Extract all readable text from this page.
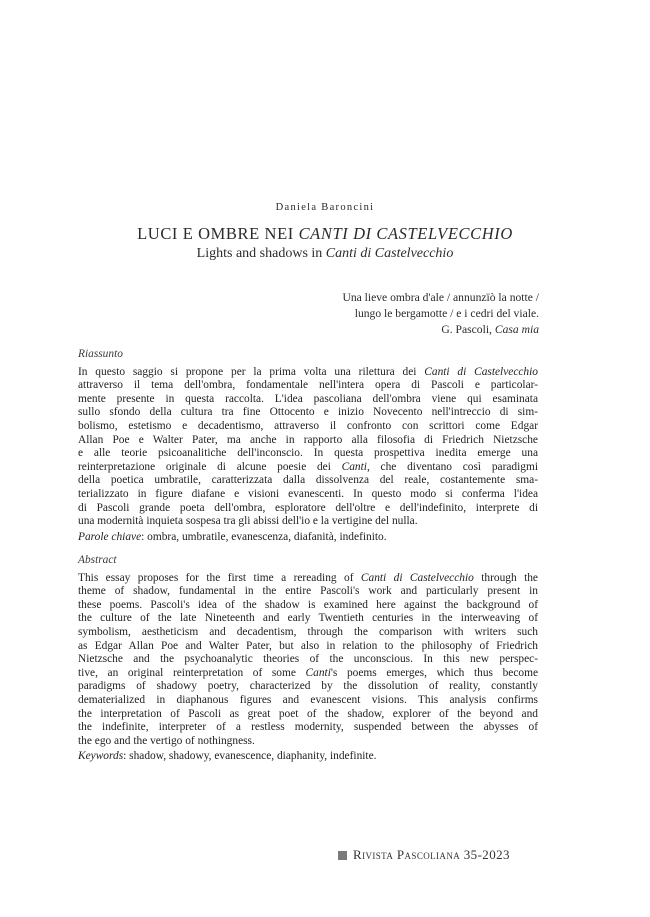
Daniela Baroncini
LUCI E OMBRE NEI CANTI DI CASTELVECCHIO
Lights and shadows in Canti di Castelvecchio
Una lieve ombra d'ale / annunzïò la notte /
lungo le bergamotte / e i cedri del viale.
G. Pascoli, Casa mia
Riassunto
In questo saggio si propone per la prima volta una rilettura dei Canti di Castelvecchio
attraverso il tema dell'ombra, fondamentale nell'intera opera di Pascoli e particolar-
mente presente in questa raccolta. L'idea pascoliana dell'ombra viene qui esaminata
sullo sfondo della cultura tra fine Ottocento e inizio Novecento nell'intreccio di sim-
bolismo, estetismo e decadentismo, attraverso il confronto con scrittori come Edgar
Allan Poe e Walter Pater, ma anche in rapporto alla filosofia di Friedrich Nietzsche
e alle teorie psicoanalitiche dell'inconscio. In questa prospettiva inedita emerge una
reinterpretazione originale di alcune poesie dei Canti, che diventano così paradigmi
della poetica umbratile, caratterizzata dalla dissolvenza del reale, costantemente sma-
terializzato in figure diafane e visioni evanescenti. In questo modo si conferma l'idea
di Pascoli grande poeta dell'ombra, esploratore dell'oltre e dell'indefinito, interprete di
una modernità inquieta sospesa tra gli abissi dell'io e la vertigine del nulla.
Parole chiave: ombra, umbratile, evanescenza, diafanità, indefinito.
Abstract
This essay proposes for the first time a rereading of Canti di Castelvecchio through the
theme of shadow, fundamental in the entire Pascoli's work and particularly present in
these poems. Pascoli's idea of the shadow is examined here against the background of
the culture of the late Nineteenth and early Twentieth centuries in the interweaving of
symbolism, aestheticism and decadentism, through the comparison with writers such
as Edgar Allan Poe and Walter Pater, but also in relation to the philosophy of Friedrich
Nietzsche and the psychoanalytic theories of the unconscious. In this new perspec-
tive, an original reinterpretation of some Canti's poems emerges, which thus become
paradigms of shadowy poetry, characterized by the dissolution of reality, constantly
dematerialized in diaphanous figures and evanescent visions. This analysis confirms
the interpretation of Pascoli as great poet of the shadow, explorer of the beyond and
the indefinite, interpreter of a restless modernity, suspended between the abysses of
the ego and the vertigo of nothingness.
Keywords: shadow, shadowy, evanescence, diaphanity, indefinite.
Rivista Pascoliana 35-2023
